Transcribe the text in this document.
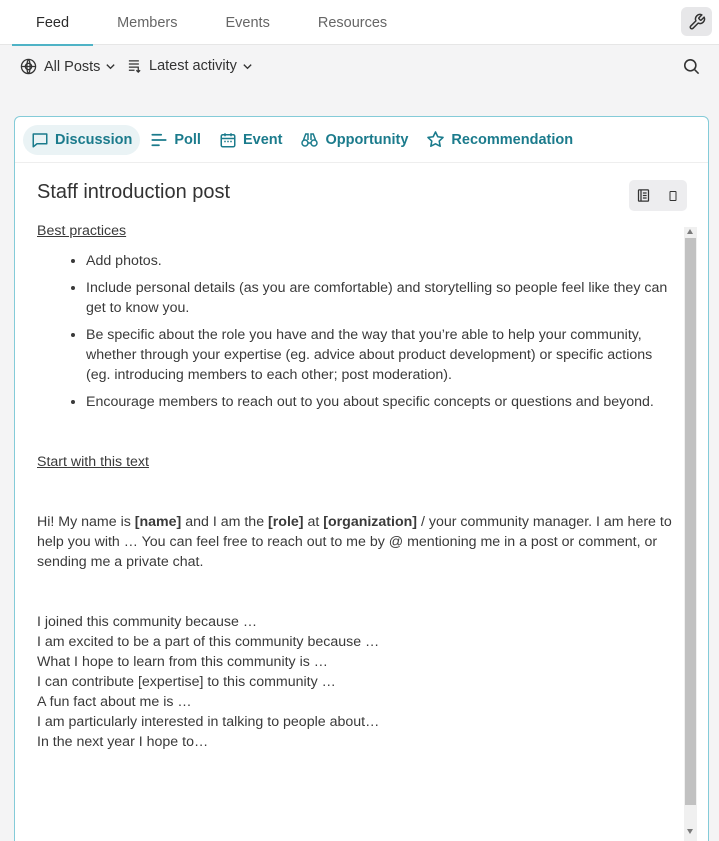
Feed	Members	Events	Resources
All Posts	Latest activity
Discussion	Poll	Event	Opportunity	Recommendation
Staff introduction post

Best practices

• Add photos.
• Include personal details (as you are comfortable) and storytelling so people feel like they can get to know you.
• Be specific about the role you have and the way that you’re able to help your community, whether through your expertise (eg. advice about product development) or specific actions (eg. introducing members to each other; post moderation).
• Encourage members to reach out to you about specific concepts or questions and beyond.

Start with this text

Hi! My name is [name] and I am the [role] at [organization] / your community manager. I am here to help you with … You can feel free to reach out to me by @ mentioning me in a post or comment, or sending me a private chat.

I joined this community because …

I am excited to be a part of this community because …

What I hope to learn from this community is …

I can contribute [expertise] to this community …

A fun fact about me is …

I am particularly interested in talking to people about…

In the next year I hope to…
